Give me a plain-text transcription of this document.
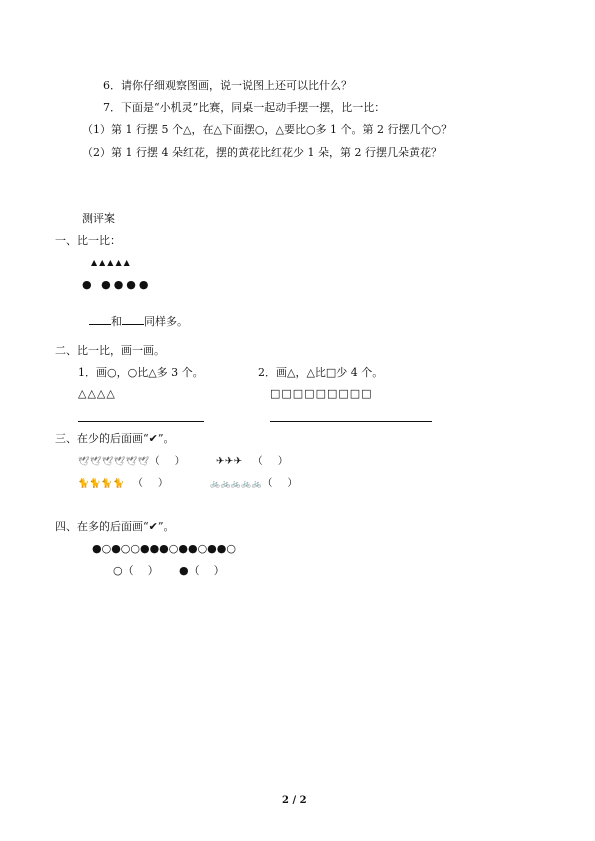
6．请你仔细观察图画，说一说图上还可以比什么？
7．下面是“小机灵”比赛，同桌一起动手摆一摆，比一比：
（1）第 1 行摆 5 个△，在△下面摆○，△要比○多 1 个。第 2 行摆几个○？
（2）第 1 行摆 4 朵红花，摆的黄花比红花少 1 朵，第 2 行摆几朵黄花？
测评案
一、比一比：
▲▲▲▲▲
● ●●●●

和 同样多。

二、比一比，画一画。
1．画○，○比△多 3 个。	2．画△，△比□少 4 个。
△△△△	□□□□□□□□□
三、在少的后面画“✔”。
🕊🕊🕊🕊🕊🕊（    ）	✈✈✈ （    ）
🐈🐈🐈🐈 （    ）	🚲🚲🚲🚲🚲（    ）
四、在多的后面画“✔”。
●○●○○●●●○●●○●●○
○（    ） ●（    ）
2 / 2
